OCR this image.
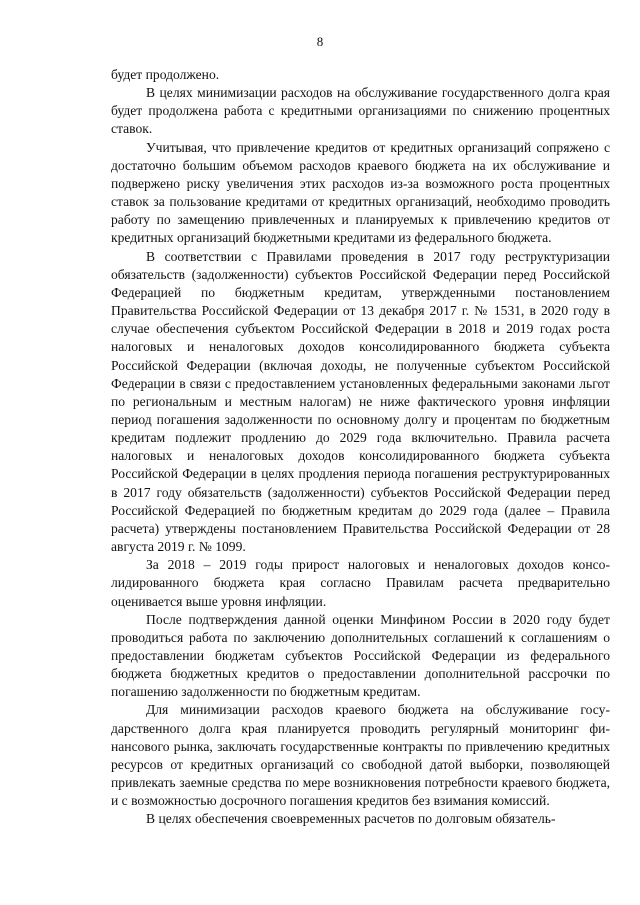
8

будет продолжено.

В целях минимизации расходов на обслуживание государственного долга края будет продолжена работа с кредитными организациями по снижению процентных ставок.

Учитывая, что привлечение кредитов от кредитных организаций сопряжено с достаточно большим объемом расходов краевого бюджета на их обслуживание и подвержено риску увеличения этих расходов из-за возможного роста процентных ставок за пользование кредитами от кредитных организаций, необходимо проводить работу по замещению привлеченных и планируемых к привлечению кредитов от кредитных организаций бюджетными кредитами из федерального бюджета.

В соответствии с Правилами проведения в 2017 году реструктуризации обязательств (задолженности) субъектов Российской Федерации перед Российской Федерацией по бюджетным кредитам, утвержденными постановлением Правительства Российской Федерации от 13 декабря 2017 г. № 1531, в 2020 году в случае обеспечения субъектом Российской Федерации в 2018 и 2019 годах роста налоговых и неналоговых доходов консолидированного бюджета субъекта Российской Федерации (включая доходы, не полученные субъектом Российской Федерации в связи с предоставлением установленных федеральными законами льгот по региональным и местным налогам) не ниже фактического уровня инфляции период погашения задолженности по основному долгу и процентам по бюджетным кредитам подлежит продлению до 2029 года включительно. Правила расчета налоговых и неналоговых доходов консолидированного бюджета субъекта Российской Федерации в целях продления периода погашения реструктурированных в 2017 году обязательств (задолженности) субъектов Российской Федерации перед Российской Федерацией по бюджетным кредитам до 2029 года (далее – Правила расчета) утверждены постановлением Правительства Российской Федерации от 28 августа 2019 г. № 1099.

За 2018 – 2019 годы прирост налоговых и неналоговых доходов консолидированного бюджета края согласно Правилам расчета предварительно оценивается выше уровня инфляции.

После подтверждения данной оценки Минфином России в 2020 году будет проводиться работа по заключению дополнительных соглашений к соглашениям о предоставлении бюджетам субъектов Российской Федерации из федерального бюджета бюджетных кредитов о предоставлении дополнительной рассрочки по погашению задолженности по бюджетным кредитам.

Для минимизации расходов краевого бюджета на обслуживание государственного долга края планируется проводить регулярный мониторинг финансового рынка, заключать государственные контракты по привлечению кредитных ресурсов от кредитных организаций со свободной датой выборки, позволяющей привлекать заемные средства по мере возникновения потребности краевого бюджета, и с возможностью досрочного погашения кредитов без взимания комиссий.

В целях обеспечения своевременных расчетов по долговым обязатель-
